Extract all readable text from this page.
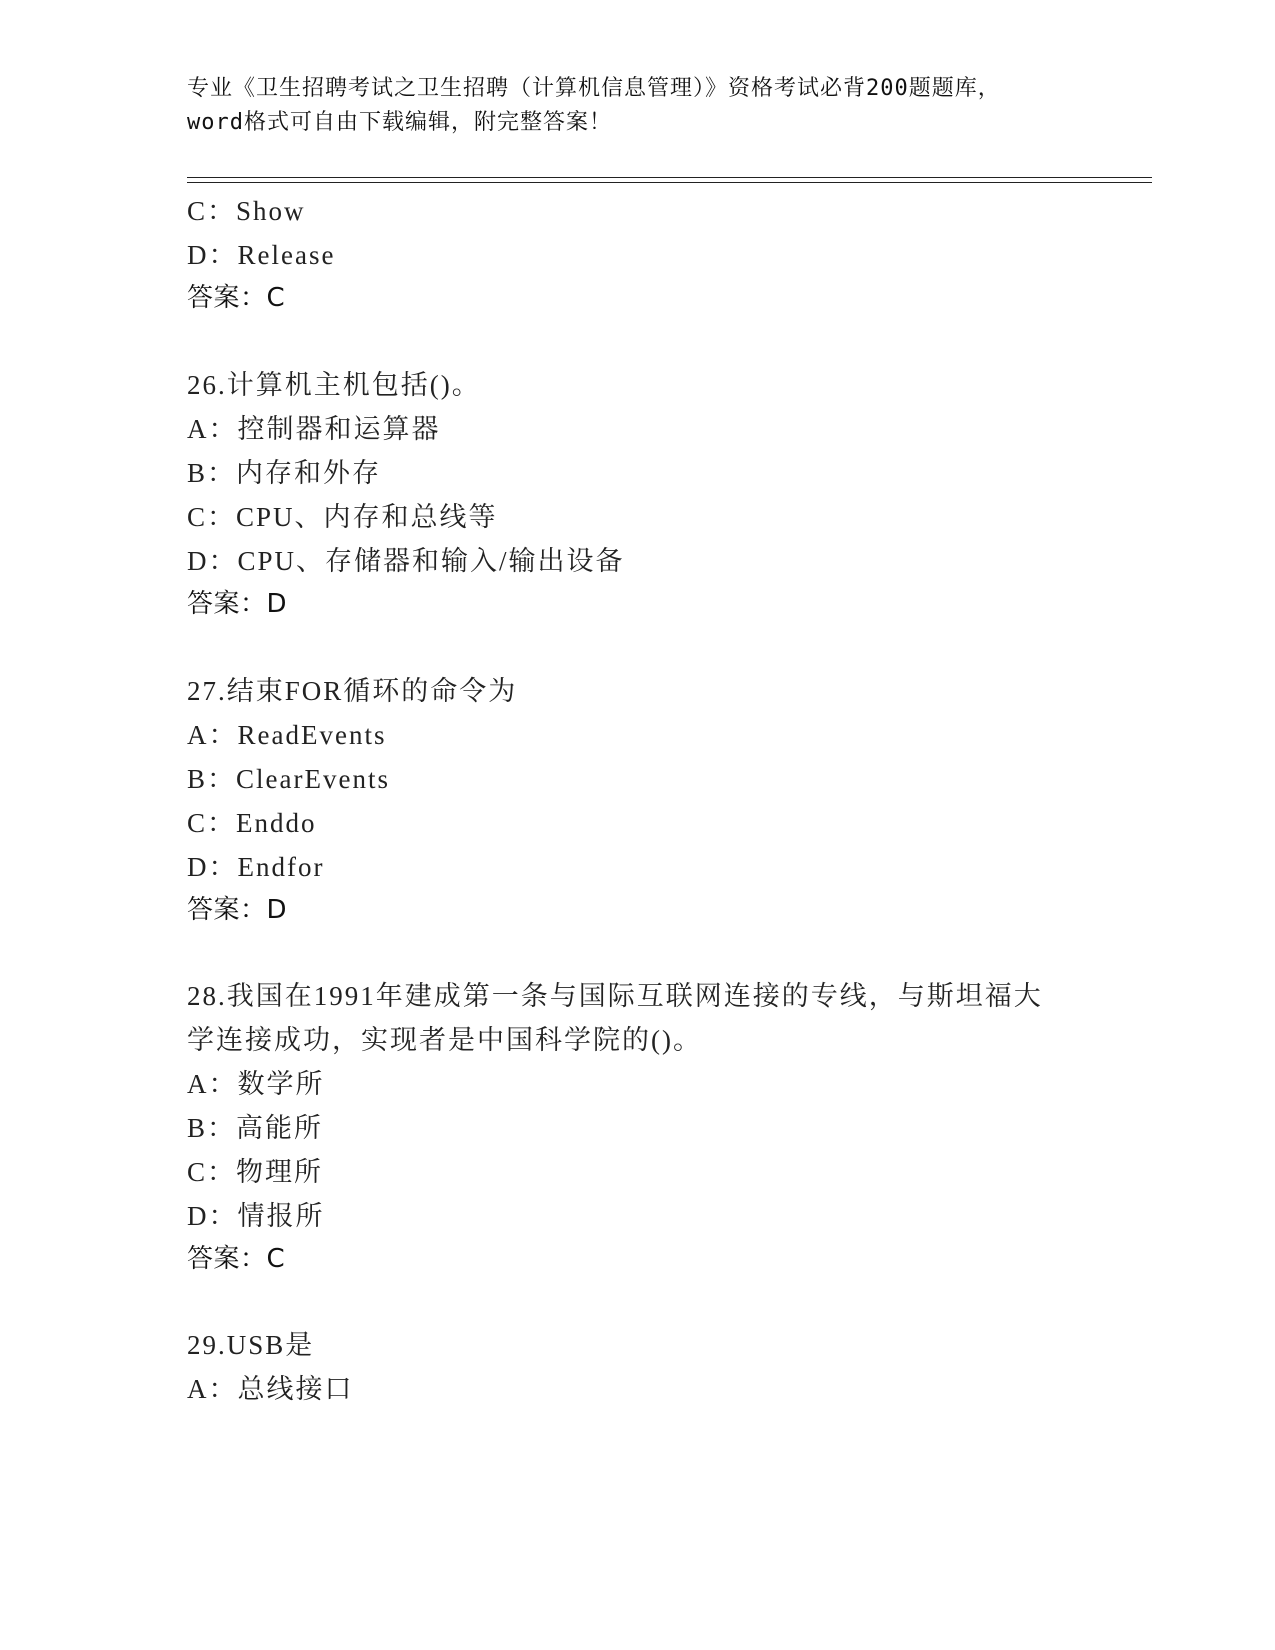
专业《卫生招聘考试之卫生招聘（计算机信息管理）》资格考试必背200题题库，
word格式可自由下载编辑，附完整答案！
C：Show
D：Release
答案：C
26.计算机主机包括()。
A：控制器和运算器
B：内存和外存
C：CPU、内存和总线等
D：CPU、存储器和输入/输出设备
答案：D
27.结束FOR循环的命令为
A：ReadEvents
B：ClearEvents
C：Enddo
D：Endfor
答案：D
28.我国在1991年建成第一条与国际互联网连接的专线，与斯坦福大
学连接成功，实现者是中国科学院的()。
A：数学所
B：高能所
C：物理所
D：情报所
答案：C
29.USB是
A：总线接口
